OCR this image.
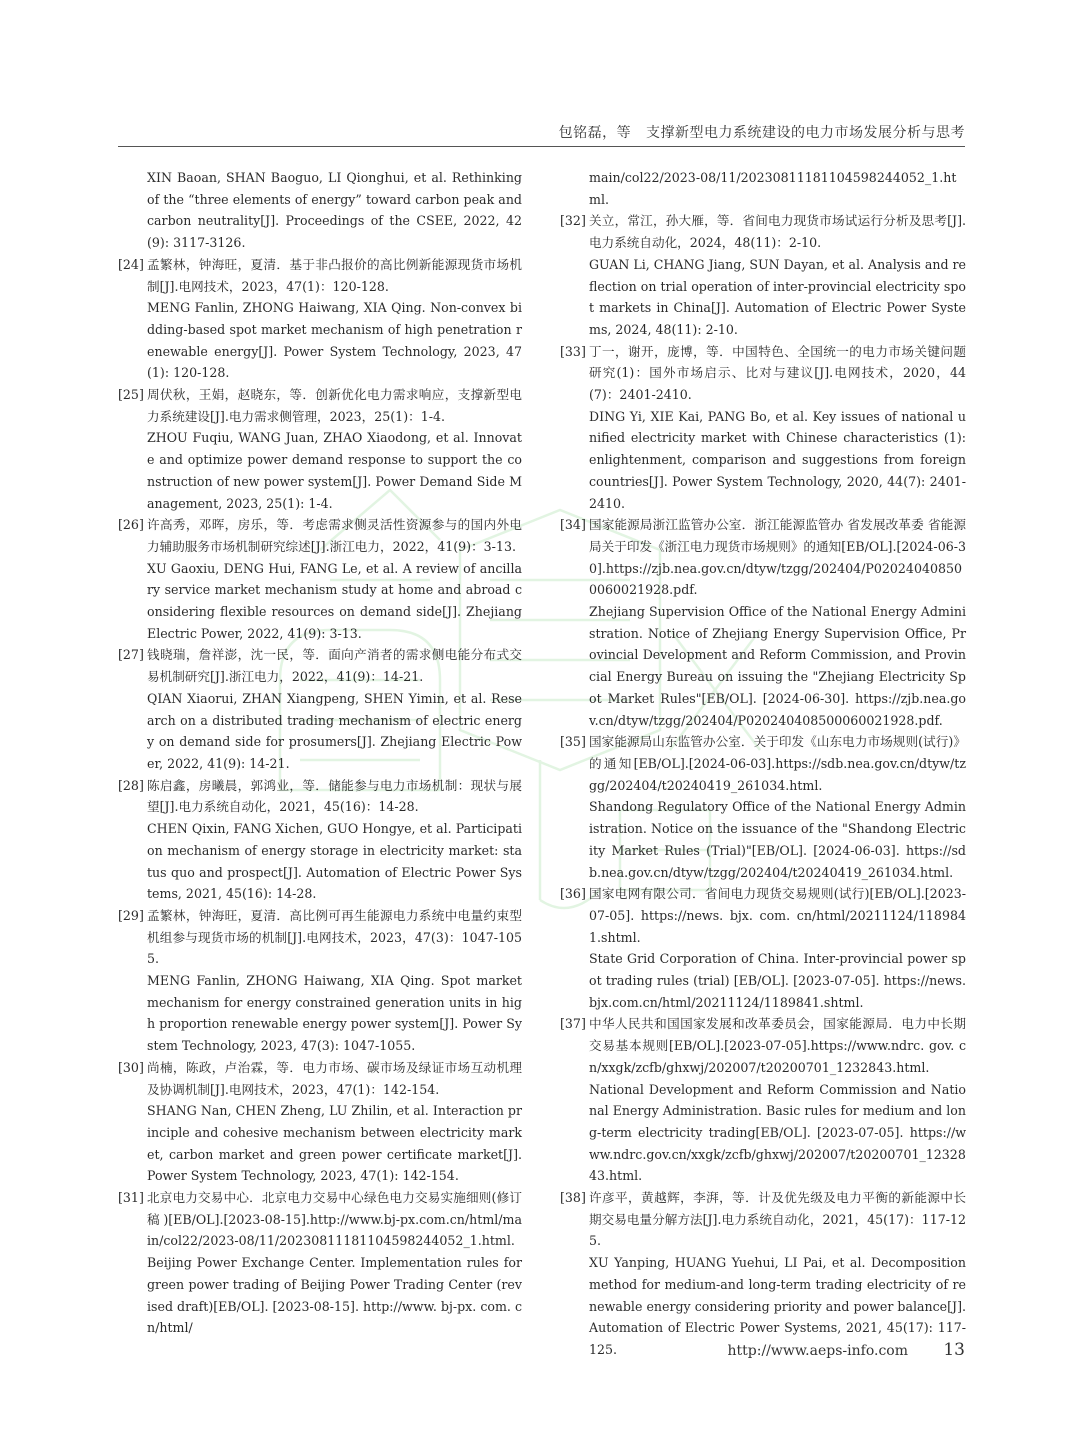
包铭磊，等 支撑新型电力系统建设的电力市场发展分析与思考
XIN Baoan, SHAN Baoguo, LI Qionghui, et al. Rethinking of the “three elements of energy” toward carbon peak and carbon neutrality[J]. Proceedings of the CSEE, 2022, 42(9): 3117-3126.
[24] 孟繁林，钟海旺，夏清．基于非凸报价的高比例新能源现货市场机制[J].电网技术，2023，47(1)：120-128.

MENG Fanlin, ZHONG Haiwang, XIA Qing. Non-convex bidding-based spot market mechanism of high penetration renewable energy[J]. Power System Technology, 2023, 47(1): 120-128.

[25] 周伏秋，王娟，赵晓东，等．创新优化电力需求响应，支撑新型电力系统建设[J].电力需求侧管理，2023，25(1)：1-4.

ZHOU Fuqiu, WANG Juan, ZHAO Xiaodong, et al. Innovate and optimize power demand response to support the construction of new power system[J]. Power Demand Side Management, 2023, 25(1): 1-4.

[26] 许高秀，邓晖，房乐，等．考虑需求侧灵活性资源参与的国内外电力辅助服务市场机制研究综述[J].浙江电力，2022，41(9)：3-13.

XU Gaoxiu, DENG Hui, FANG Le, et al. A review of ancillary service market mechanism study at home and abroad considering flexible resources on demand side[J]. Zhejiang Electric Power, 2022, 41(9): 3-13.

[27] 钱晓瑞，詹祥澎，沈一民，等．面向产消者的需求侧电能分布式交易机制研究[J].浙江电力，2022，41(9)：14-21.

QIAN Xiaorui, ZHAN Xiangpeng, SHEN Yimin, et al. Research on a distributed trading mechanism of electric energy on demand side for prosumers[J]. Zhejiang Electric Power, 2022, 41(9): 14-21.

[28] 陈启鑫，房曦晨，郭鸿业，等．储能参与电力市场机制：现状与展望[J].电力系统自动化，2021，45(16)：14-28.

CHEN Qixin, FANG Xichen, GUO Hongye, et al. Participation mechanism of energy storage in electricity market: status quo and prospect[J]. Automation of Electric Power Systems, 2021, 45(16): 14-28.

[29] 孟繁林，钟海旺，夏清．高比例可再生能源电力系统中电量约束型机组参与现货市场的机制[J].电网技术，2023，47(3)：1047-1055.

MENG Fanlin, ZHONG Haiwang, XIA Qing. Spot market mechanism for energy constrained generation units in high proportion renewable energy power system[J]. Power System Technology, 2023, 47(3): 1047-1055.

[30] 尚楠，陈政，卢治霖，等．电力市场、碳市场及绿证市场互动机理及协调机制[J].电网技术，2023，47(1)：142-154.

SHANG Nan, CHEN Zheng, LU Zhilin, et al. Interaction principle and cohesive mechanism between electricity market, carbon market and green power certificate market[J]. Power System Technology, 2023, 47(1): 142-154.

[31] 北京电力交易中心．北京电力交易中心绿色电力交易实施细则(修订稿)[EB/OL].[2023-08-15].http://www.bj-px.com.cn/html/main/col22/2023-08/11/20230811181104598244052_1.html.

Beijing Power Exchange Center. Implementation rules for green power trading of Beijing Power Trading Center (revised draft)[EB/OL]. [2023-08-15]. http://www. bj-px. com. cn/html/

main/col22/2023-08/11/20230811181104598244052_1.html.
[32] 关立，常江，孙大雁，等．省间电力现货市场试运行分析及思考[J].电力系统自动化，2024，48(11)：2-10.

GUAN Li, CHANG Jiang, SUN Dayan, et al. Analysis and reflection on trial operation of inter-provincial electricity spot markets in China[J]. Automation of Electric Power Systems, 2024, 48(11): 2-10.

[33] 丁一，谢开，庞博，等．中国特色、全国统一的电力市场关键问题研究(1)：国外市场启示、比对与建议[J].电网技术，2020，44(7)：2401-2410.

DING Yi, XIE Kai, PANG Bo, et al. Key issues of national unified electricity market with Chinese characteristics (1): enlightenment, comparison and suggestions from foreign countries[J]. Power System Technology, 2020, 44(7): 2401-2410.

[34] 国家能源局浙江监管办公室．浙江能源监管办 省发展改革委 省能源局关于印发《浙江电力现货市场规则》的通知[EB/OL].[2024-06-30].https://zjb.nea.gov.cn/dtyw/tzgg/202404/P020240408500060021928.pdf.

Zhejiang Supervision Office of the National Energy Administration. Notice of Zhejiang Energy Supervision Office, Provincial Development and Reform Commission, and Provincial Energy Bureau on issuing the "Zhejiang Electricity Spot Market Rules"[EB/OL]. [2024-06-30]. https://zjb.nea.gov.cn/dtyw/tzgg/202404/P020240408500060021928.pdf.

[35] 国家能源局山东监管办公室．关于印发《山东电力市场规则(试行)》的通知[EB/OL].[2024-06-03].https://sdb.nea.gov.cn/dtyw/tzgg/202404/t20240419_261034.html.

Shandong Regulatory Office of the National Energy Administration. Notice on the issuance of the "Shandong Electricity Market Rules (Trial)"[EB/OL]. [2024-06-03]. https://sdb.nea.gov.cn/dtyw/tzgg/202404/t20240419_261034.html.

[36] 国家电网有限公司．省间电力现货交易规则(试行)[EB/OL].[2023-07-05]. https://news. bjx. com. cn/html/20211124/1189841.shtml.

State Grid Corporation of China. Inter-provincial power spot trading rules (trial) [EB/OL]. [2023-07-05]. https://news.bjx.com.cn/html/20211124/1189841.shtml.

[37] 中华人民共和国国家发展和改革委员会，国家能源局．电力中长期交易基本规则[EB/OL].[2023-07-05].https://www.ndrc. gov. cn/xxgk/zcfb/ghxwj/202007/t20200701_1232843.html.

National Development and Reform Commission and National Energy Administration. Basic rules for medium and long-term electricity trading[EB/OL]. [2023-07-05]. https://www.ndrc.gov.cn/xxgk/zcfb/ghxwj/202007/t20200701_1232843.html.

[38] 许彦平，黄越辉，李湃，等．计及优先级及电力平衡的新能源中长期交易电量分解方法[J].电力系统自动化，2021，45(17)：117-125.

XU Yanping, HUANG Yuehui, LI Pai, et al. Decomposition method for medium-and long-term trading electricity of renewable energy considering priority and power balance[J]. Automation of Electric Power Systems, 2021, 45(17): 117-125.	http://www.aeps-info.com 13
